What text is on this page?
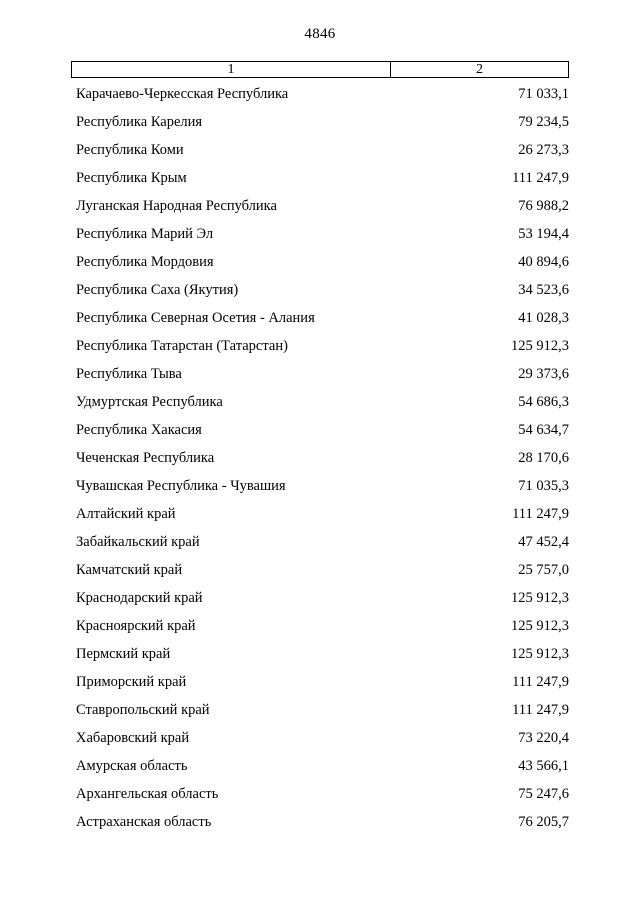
4846
1	2
Карачаево-Черкесская Республика	71 033,1
Республика Карелия	79 234,5
Республика Коми	26 273,3
Республика Крым	111 247,9
Луганская Народная Республика	76 988,2
Республика Марий Эл	53 194,4
Республика Мордовия	40 894,6
Республика Саха (Якутия)	34 523,6
Республика Северная Осетия - Алания	41 028,3
Республика Татарстан (Татарстан)	125 912,3
Республика Тыва	29 373,6
Удмуртская Республика	54 686,3
Республика Хакасия	54 634,7
Чеченская Республика	28 170,6
Чувашская Республика - Чувашия	71 035,3
Алтайский край	111 247,9
Забайкальский край	47 452,4
Камчатский край	25 757,0
Краснодарский край	125 912,3
Красноярский край	125 912,3
Пермский край	125 912,3
Приморский край	111 247,9
Ставропольский край	111 247,9
Хабаровский край	73 220,4
Амурская область	43 566,1
Архангельская область	75 247,6
Астраханская область	76 205,7
